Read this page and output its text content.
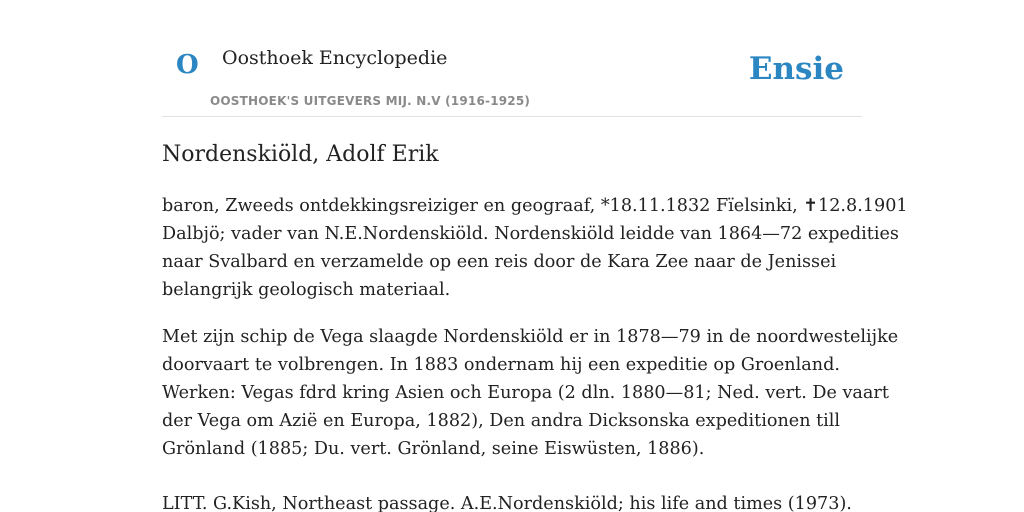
O Oosthoek Encyclopedie
OOSTHOEK'S UITGEVERS MIJ. N.V (1916-1925)
Ensie
Nordenskiöld, Adolf Erik

baron, Zweeds ontdekkingsreiziger en geograaf, *18.11.1832 Fïelsinki, ✝12.8.1901
Dalbjö; vader van N.E.Nordenskiöld. Nordenskiöld leidde van 1864—72 expedities
naar Svalbard en verzamelde op een reis door de Kara Zee naar de Jenissei
belangrijk geologisch materiaal.

Met zijn schip de Vega slaagde Nordenskiöld er in 1878—79 in de noordwestelijke
doorvaart te volbrengen. In 1883 ondernam hij een expeditie op Groenland.
Werken: Vegas fdrd kring Asien och Europa (2 dln. 1880—81; Ned. vert. De vaart
der Vega om Azië en Europa, 1882), Den andra Dicksonska expeditionen till
Grönland (1885; Du. vert. Grönland, seine Eiswüsten, 1886).

LITT. G.Kish, Northeast passage. A.E.Nordenskiöld; his life and times (1973).
